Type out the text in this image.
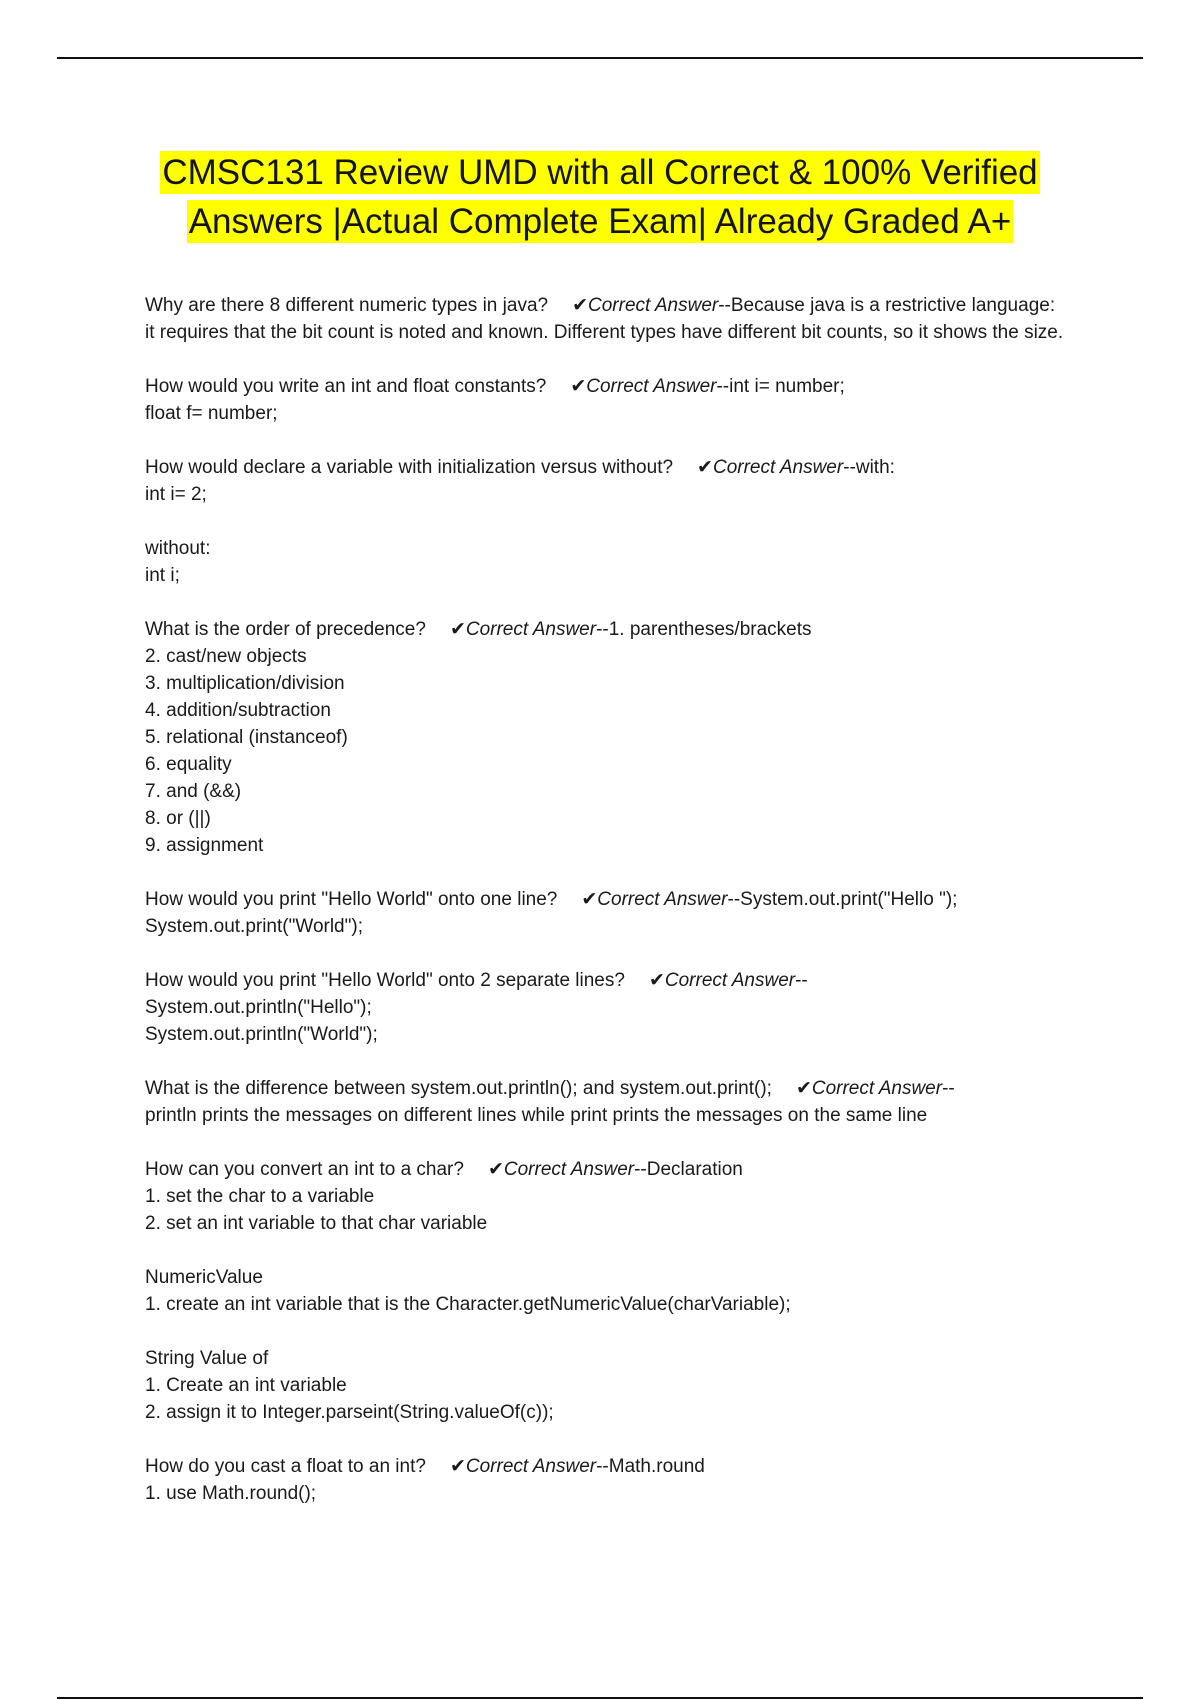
CMSC131 Review UMD with all Correct & 100% Verified
Answers |Actual Complete Exam| Already Graded A+
Why are there 8 different numeric types in java? ✔Correct Answer--Because java is a restrictive language: it requires that the bit count is noted and known. Different types have different bit counts, so it shows the size.
How would you write an int and float constants? ✔Correct Answer--int i= number;
float f= number;
How would declare a variable with initialization versus without? ✔Correct Answer--with:
int i= 2;
without:
int i;
What is the order of precedence? ✔Correct Answer--1. parentheses/brackets
2. cast/new objects
3. multiplication/division
4. addition/subtraction
5. relational (instanceof)
6. equality
7. and (&&)
8. or (||)
9. assignment
How would you print "Hello World" onto one line? ✔Correct Answer--System.out.print("Hello ");
System.out.print("World");
How would you print "Hello World" onto 2 separate lines? ✔Correct Answer--
System.out.println("Hello");
System.out.println("World");
What is the difference between system.out.println(); and system.out.print(); ✔Correct Answer--
println prints the messages on different lines while print prints the messages on the same line
How can you convert an int to a char? ✔Correct Answer--Declaration
1. set the char to a variable
2. set an int variable to that char variable
NumericValue
1. create an int variable that is the Character.getNumericValue(charVariable);
String Value of
1. Create an int variable
2. assign it to Integer.parseint(String.valueOf(c));
How do you cast a float to an int? ✔Correct Answer--Math.round
1. use Math.round();
